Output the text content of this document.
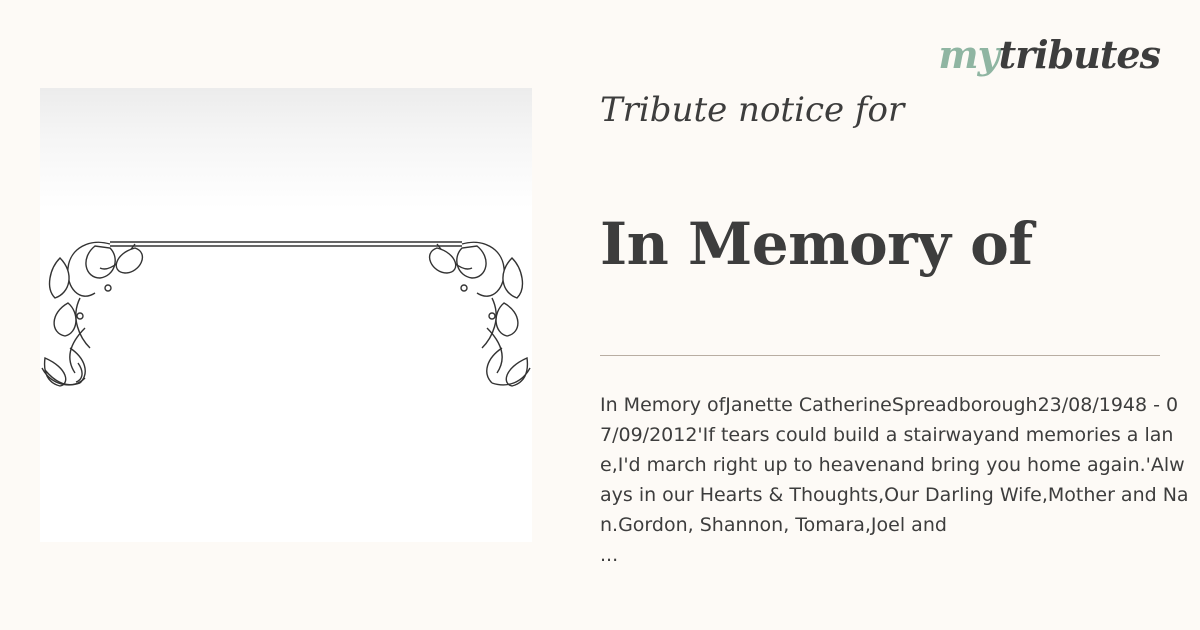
mytributes
Tribute notice for
In Memory of
In Memory ofJanette CatherineSpreadborough23/08/1948 - 07/09/2012'If tears could build a stairwayand memories a lane,I'd march right up to heavenand bring you home again.'Always in our Hearts & Thoughts,Our Darling Wife,Mother and Nan.Gordon, Shannon, Tomara,Joel and
...
